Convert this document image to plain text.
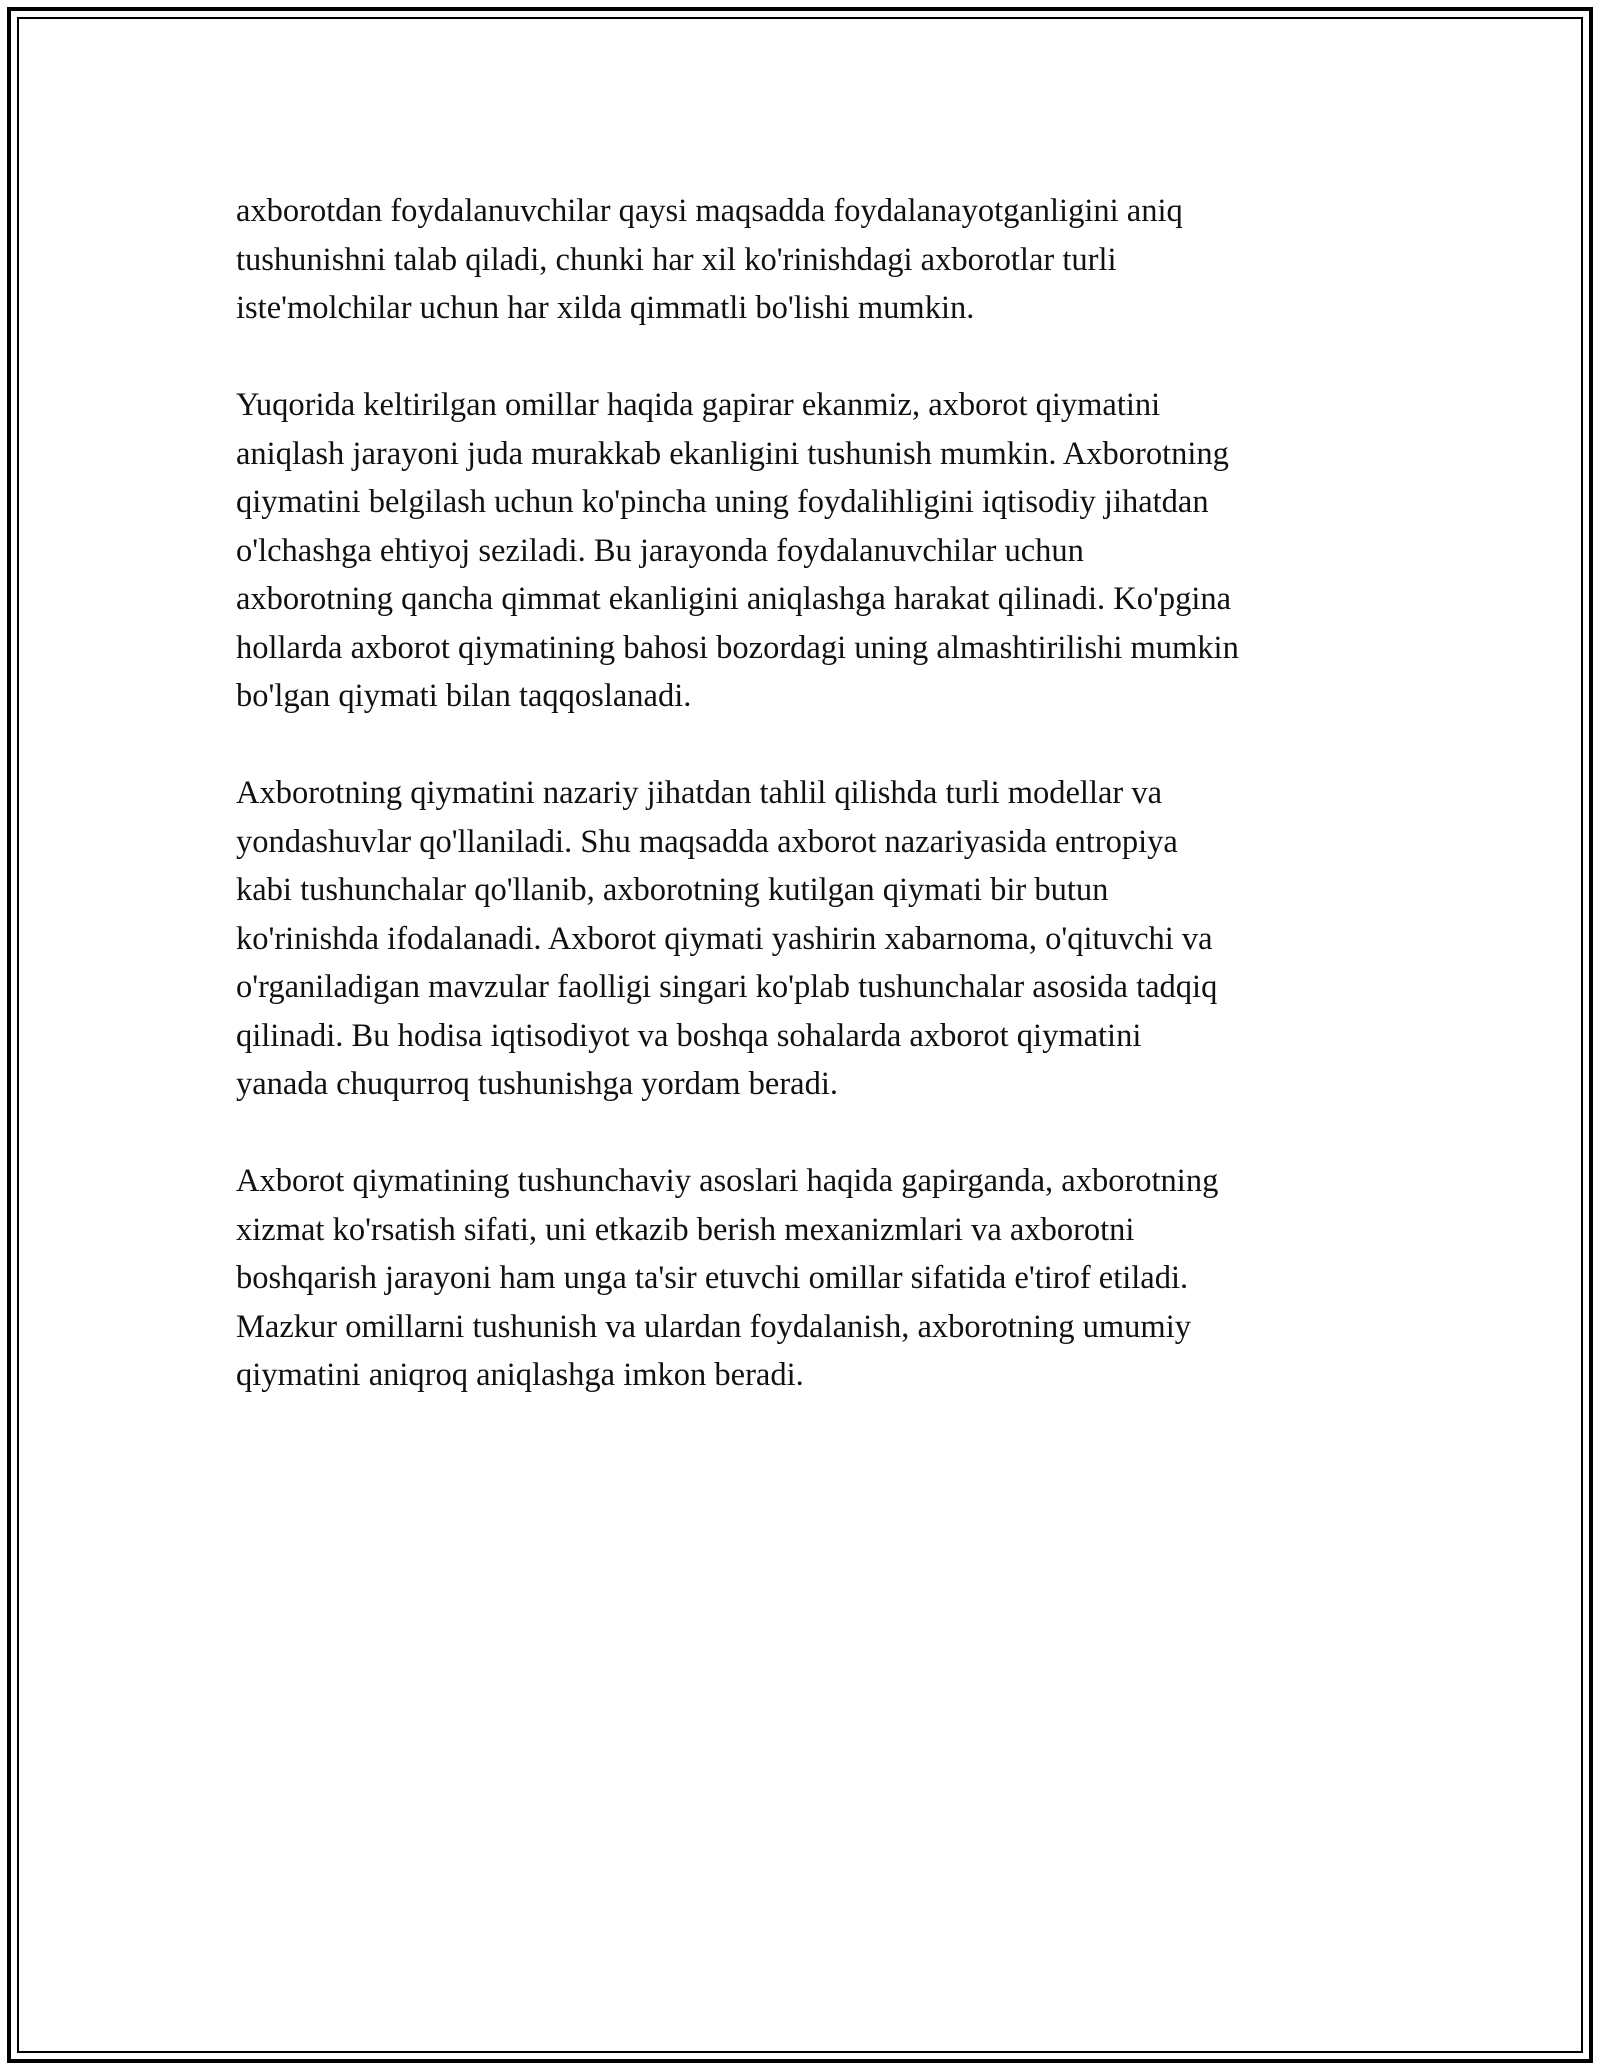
axborotdan foydalanuvchilar qaysi maqsadda foydalanayotganligini aniq
tushunishni talab qiladi, chunki har xil ko'rinishdagi axborotlar turli
iste'molchilar uchun har xilda qimmatli bo'lishi mumkin.

Yuqorida keltirilgan omillar haqida gapirar ekanmiz, axborot qiymatini
aniqlash jarayoni juda murakkab ekanligini tushunish mumkin. Axborotning
qiymatini belgilash uchun ko'pincha uning foydalihligini iqtisodiy jihatdan
o'lchashga ehtiyoj seziladi. Bu jarayonda foydalanuvchilar uchun
axborotning qancha qimmat ekanligini aniqlashga harakat qilinadi. Ko'pgina
hollarda axborot qiymatining bahosi bozordagi uning almashtirilishi mumkin
bo'lgan qiymati bilan taqqoslanadi.

Axborotning qiymatini nazariy jihatdan tahlil qilishda turli modellar va
yondashuvlar qo'llaniladi. Shu maqsadda axborot nazariyasida entropiya
kabi tushunchalar qo'llanib, axborotning kutilgan qiymati bir butun
ko'rinishda ifodalanadi. Axborot qiymati yashirin xabarnoma, o'qituvchi va
o'rganiladigan mavzular faolligi singari ko'plab tushunchalar asosida tadqiq
qilinadi. Bu hodisa iqtisodiyot va boshqa sohalarda axborot qiymatini
yanada chuqurroq tushunishga yordam beradi.

Axborot qiymatining tushunchaviy asoslari haqida gapirganda, axborotning
xizmat ko'rsatish sifati, uni etkazib berish mexanizmlari va axborotni
boshqarish jarayoni ham unga ta'sir etuvchi omillar sifatida e'tirof etiladi.
Mazkur omillarni tushunish va ulardan foydalanish, axborotning umumiy
qiymatini aniqroq aniqlashga imkon beradi.
